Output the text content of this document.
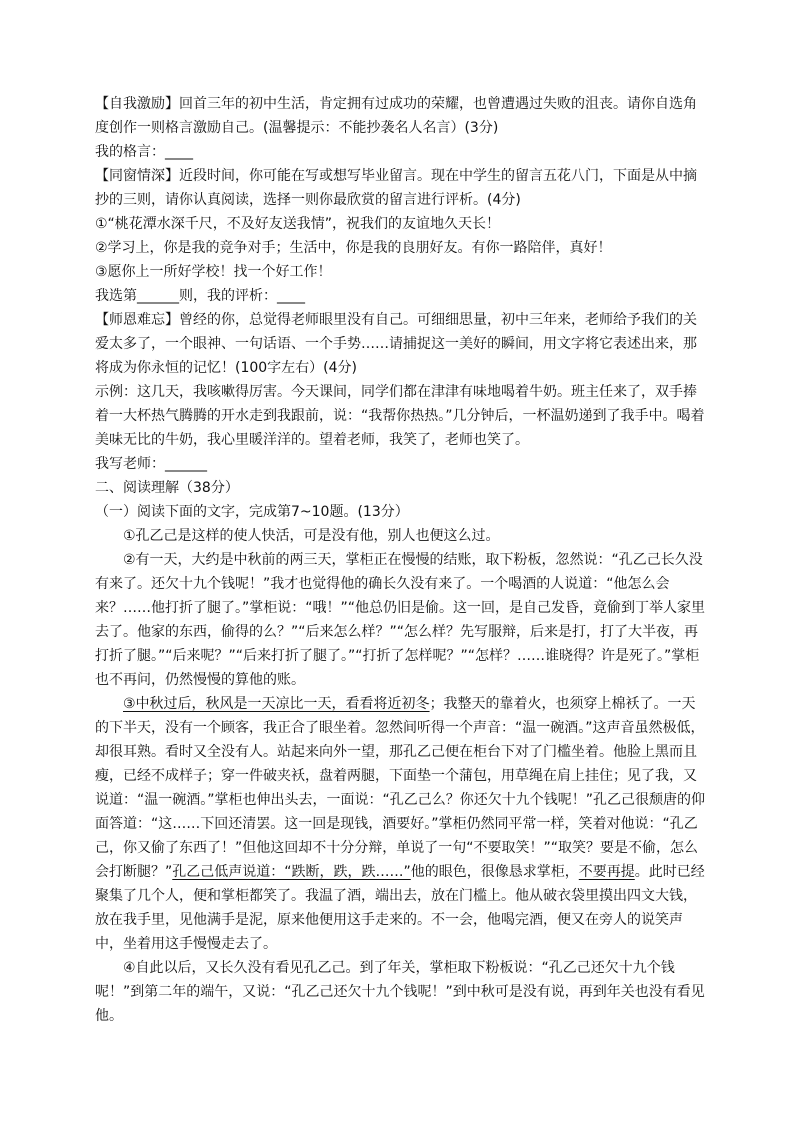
【自我激励】回首三年的初中生活，肯定拥有过成功的荣耀，也曾遭遇过失败的沮丧。请你自选角度创作一则格言激励自己。(温馨提示：不能抄袭名人名言）(3分)

我的格言：____

【同窗情深】近段时间，你可能在写或想写毕业留言。现在中学生的留言五花八门，下面是从中摘抄的三则，请你认真阅读，选择一则你最欣赏的留言进行评析。(4分)

①“桃花潭水深千尺，不及好友送我情”，祝我们的友谊地久天长！

②学习上，你是我的竞争对手；生活中，你是我的良朋好友。有你一路陪伴，真好！

③愿你上一所好学校！找一个好工作！

我选第______则，我的评析：____

【师恩难忘】曾经的你，总觉得老师眼里没有自己。可细细思量，初中三年来，老师给予我们的关爱太多了，一个眼神、一句话语、一个手势……请捕捉这一美好的瞬间，用文字将它表述出来，那将成为你永恒的记忆！(100字左右）(4分)

示例：这几天，我咳嗽得厉害。今天课间，同学们都在津津有味地喝着牛奶。班主任来了，双手捧着一大杯热气腾腾的开水走到我跟前，说：“我帮你热热。”几分钟后，一杯温奶递到了我手中。喝着美味无比的牛奶，我心里暖洋洋的。望着老师，我笑了，老师也笑了。

我写老师：______

二、阅读理解（38分）

（一）阅读下面的文字，完成第7~10题。(13分）

①孔乙己是这样的使人快活，可是没有他，别人也便这么过。

②有一天，大约是中秋前的两三天，掌柜正在慢慢的结账，取下粉板，忽然说：“孔乙己长久没有来了。还欠十九个钱呢！”我才也觉得他的确长久没有来了。一个喝酒的人说道：“他怎么会来？……他打折了腿了。”掌柜说：“哦！”“他总仍旧是偷。这一回，是自己发昏，竟偷到丁举人家里去了。他家的东西，偷得的么？”“后来怎么样？”“怎么样？先写服辩，后来是打，打了大半夜，再打折了腿。”“后来呢？”“后来打折了腿了。”“打折了怎样呢？”“怎样？……谁晓得？许是死了。”掌柜也不再问，仍然慢慢的算他的账。

③中秋过后，秋风是一天凉比一天，看看将近初冬；我整天的靠着火，也须穿上棉袄了。一天的下半天，没有一个顾客，我正合了眼坐着。忽然间听得一个声音：“温一碗酒。”这声音虽然极低，却很耳熟。看时又全没有人。站起来向外一望，那孔乙己便在柜台下对了门槛坐着。他脸上黑而且瘦，已经不成样子；穿一件破夹袄，盘着两腿，下面垫一个蒲包，用草绳在肩上挂住；见了我，又说道：“温一碗酒。”掌柜也伸出头去，一面说：“孔乙己么？你还欠十九个钱呢！”孔乙己很颓唐的仰面答道：“这……下回还清罢。这一回是现钱，酒要好。”掌柜仍然同平常一样，笑着对他说：“孔乙己，你又偷了东西了！”但他这回却不十分分辩，单说了一句“不要取笑！”“取笑？要是不偷，怎么会打断腿？”孔乙己低声说道：“跌断，跌，跌……”他的眼色，很像恳求掌柜，不要再提。此时已经聚集了几个人，便和掌柜都笑了。我温了酒，端出去，放在门槛上。他从破衣袋里摸出四文大钱，放在我手里，见他满手是泥，原来他便用这手走来的。不一会，他喝完酒，便又在旁人的说笑声中，坐着用这手慢慢走去了。

④自此以后，又长久没有看见孔乙己。到了年关，掌柜取下粉板说：“孔乙己还欠十九个钱呢！”到第二年的端午，又说：“孔乙己还欠十九个钱呢！”到中秋可是没有说，再到年关也没有看见他。
